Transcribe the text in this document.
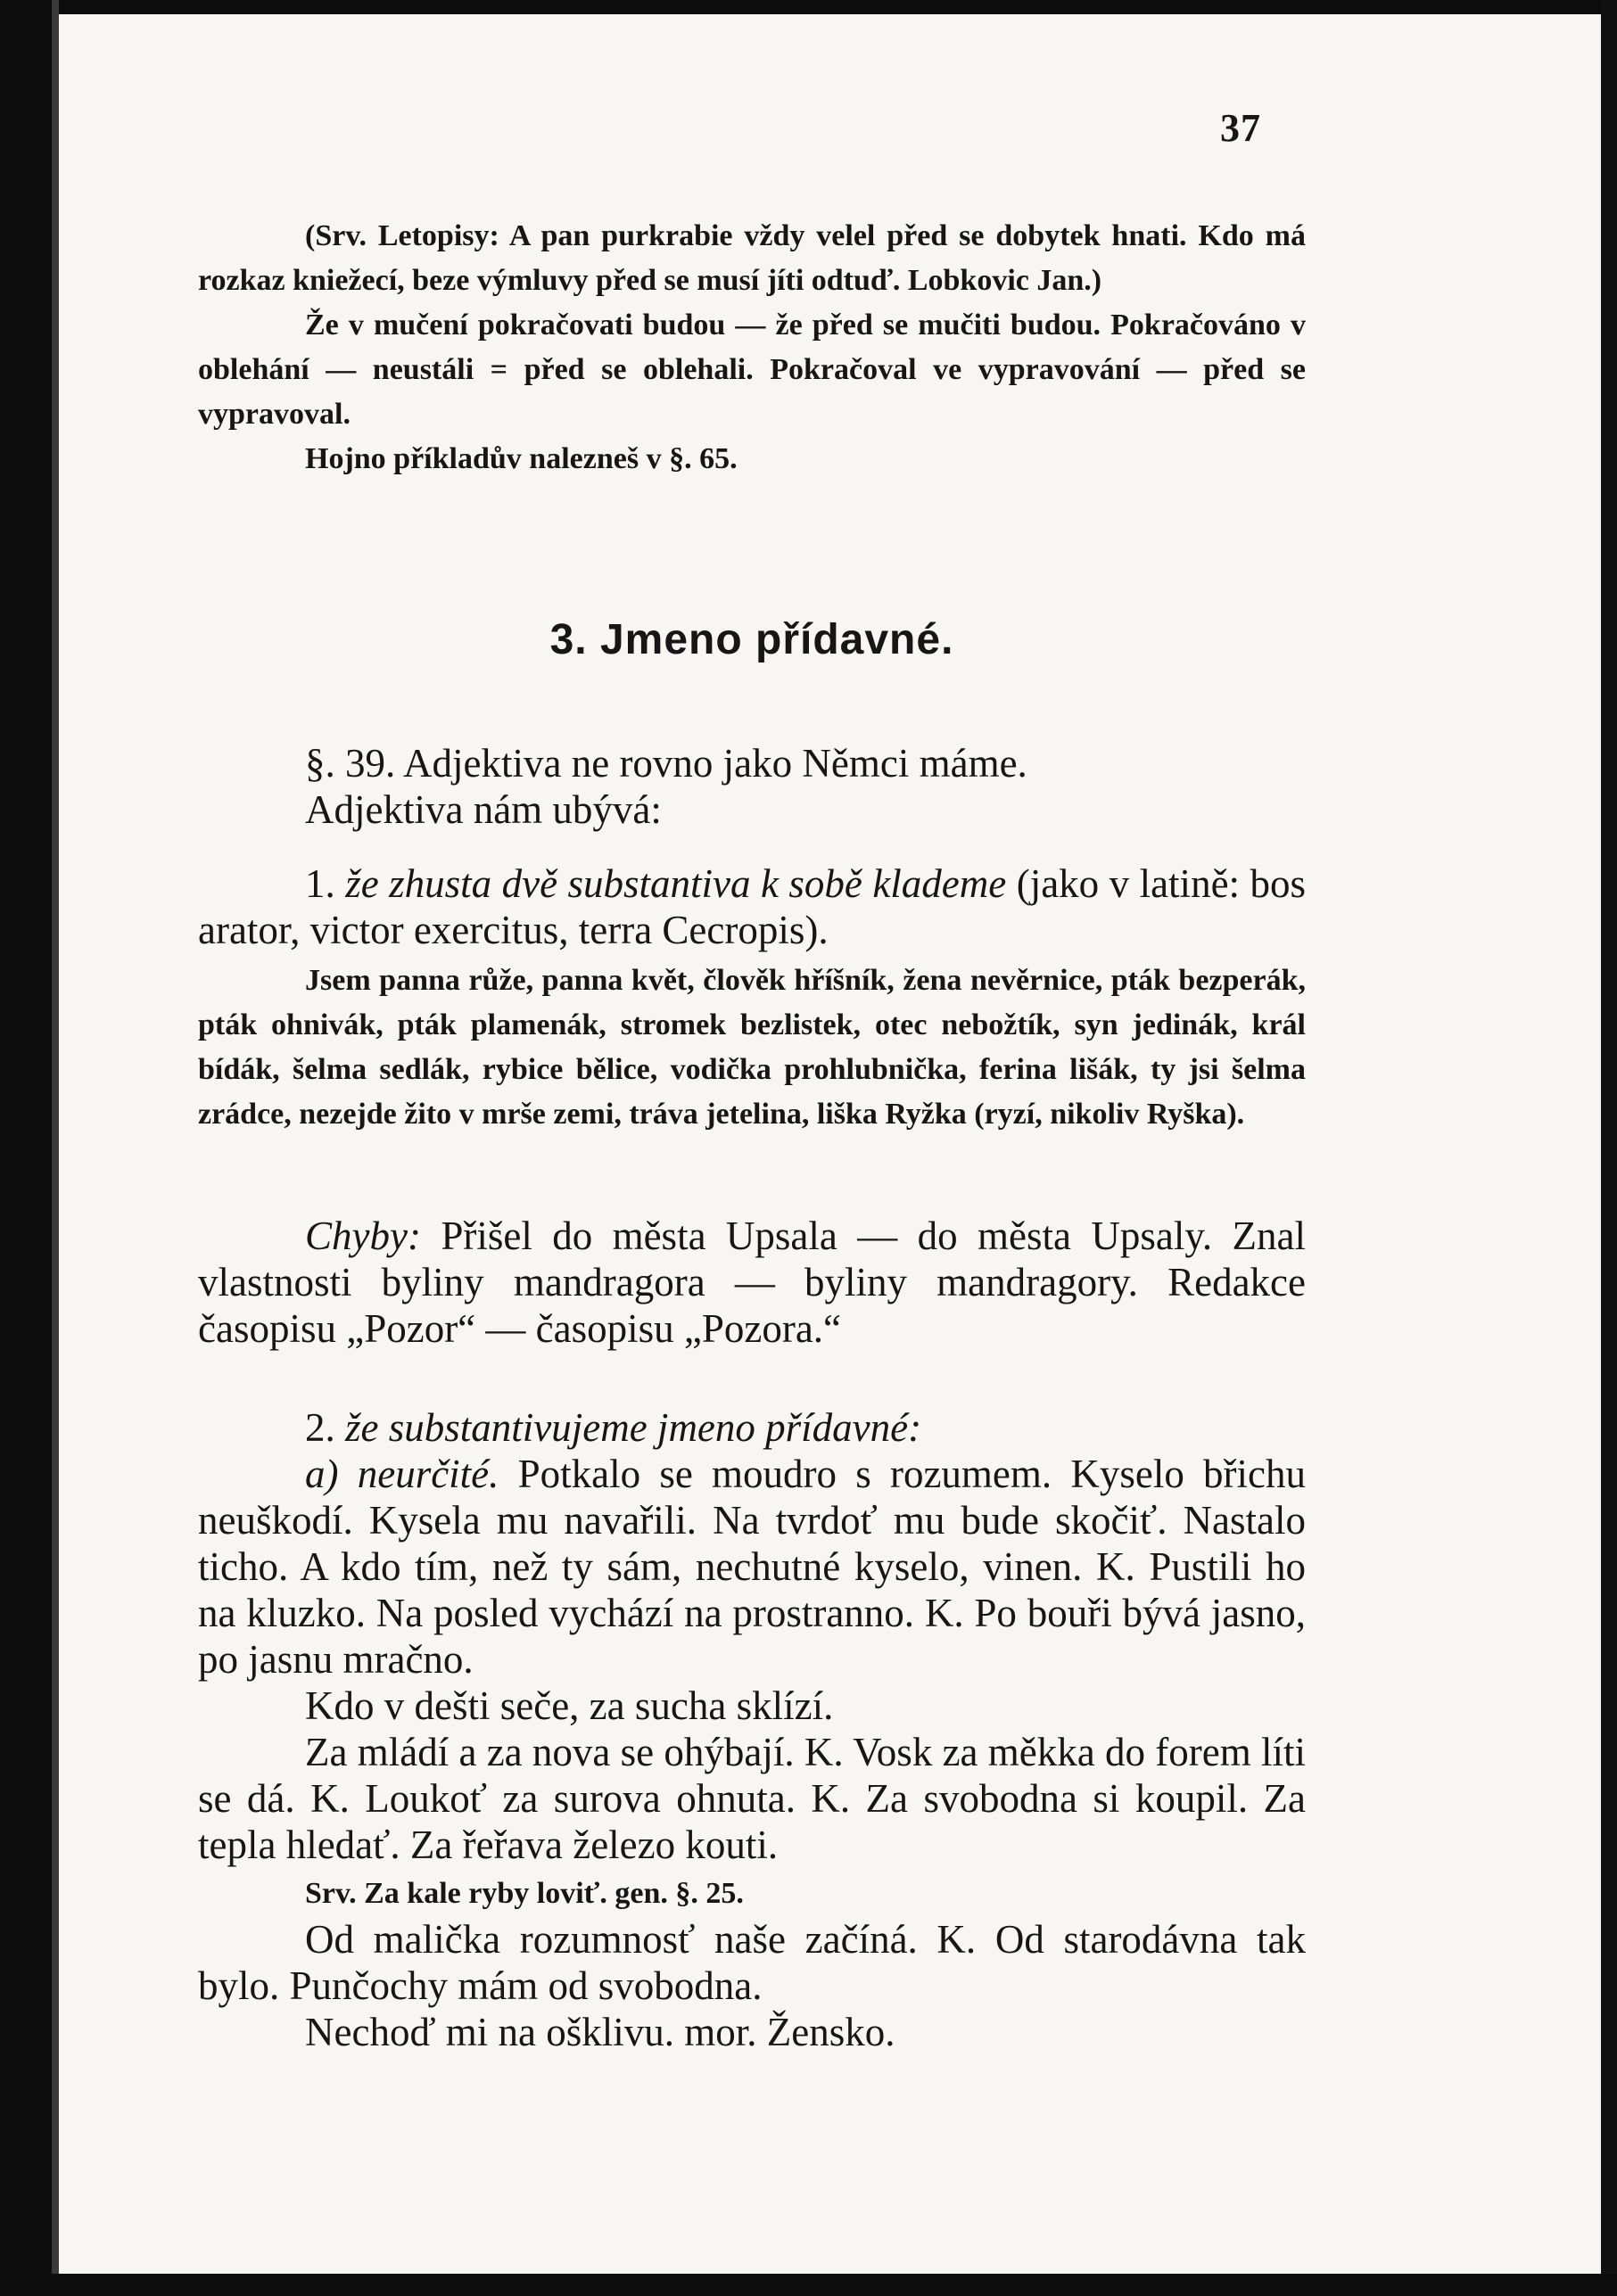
37

(Srv. Letopisy: A pan purkrabie vždy velel před se dobytek hnati. Kdo má rozkaz kniežecí, beze výmluvy před se musí jíti odtuď. Lobkovic Jan.)

Že v mučení pokračovati budou — že před se mučiti budou. Pokračováno v oblehání — neustáli = před se oblehali. Pokračoval ve vypravování — před se vypravoval.

Hojno příkladův nalezneš v §. 65.

3. Jmeno přídavné.

§. 39. Adjektiva ne rovno jako Němci máme.

Adjektiva nám ubývá:

1. že zhusta dvě substantiva k sobě klademe (jako v latině: bos arator, victor exercitus, terra Cecropis).

Jsem panna růže, panna květ, člověk hříšník, žena nevěrnice, pták bezperák, pták ohnivák, pták plamenák, stromek bezlistek, otec nebožtík, syn jedinák, král bídák, šelma sedlák, rybice bělice, vodička prohlubnička, ferina lišák, ty jsi šelma zrádce, nezejde žito v mrše zemi, tráva jetelina, liška Ryžka (ryzí, nikoliv Ryška).

Chyby: Přišel do města Upsala — do města Upsaly. Znal vlastnosti byliny mandragora — byliny mandragory. Redakce časopisu „Pozor“ — časopisu „Pozora.“

2. že substantivujeme jmeno přídavné:

a) neurčité. Potkalo se moudro s rozumem. Kyselo břichu neuškodí. Kysela mu navařili. Na tvrdoť mu bude skočiť. Nastalo ticho. A kdo tím, než ty sám, nechutné kyselo, vinen. K. Pustili ho na kluzko. Na posled vychází na prostranno. K. Po bouři bývá jasno, po jasnu mračno.

Kdo v dešti seče, za sucha sklízí.

Za mládí a za nova se ohýbají. K. Vosk za měkka do forem líti se dá. K. Loukoť za surova ohnuta. K. Za svobodna si koupil. Za tepla hledať. Za řeřava železo kouti.

Srv. Za kale ryby loviť. gen. §. 25.

Od malička rozumnosť naše začíná. K. Od starodávna tak bylo. Punčochy mám od svobodna.

Nechoď mi na ošklivu. mor. Žensko.
